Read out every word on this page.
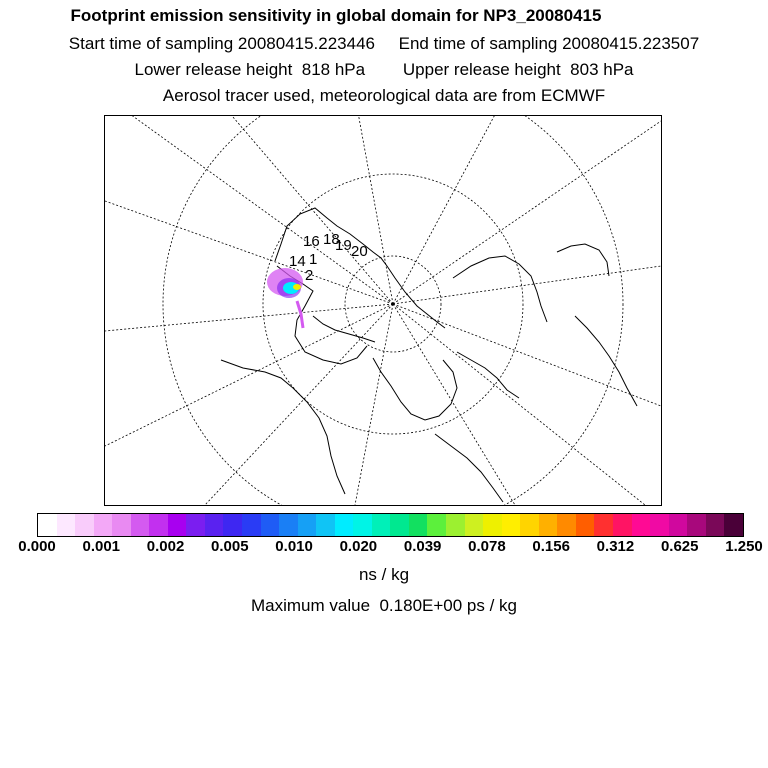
Footprint emission sensitivity in global domain for NP3_20080415
Start time of sampling 20080415.223446     End time of sampling 20080415.223507
Lower release height  818 hPa        Upper release height  803 hPa
Aerosol tracer used, meteorological data are from ECMWF
16 18
19 20
14 1
2
0.000 0.001 0.002 0.005 0.010 0.020 0.039 0.078 0.156 0.312 0.625 1.250
ns / kg
Maximum value  0.180E+00 ps / kg
